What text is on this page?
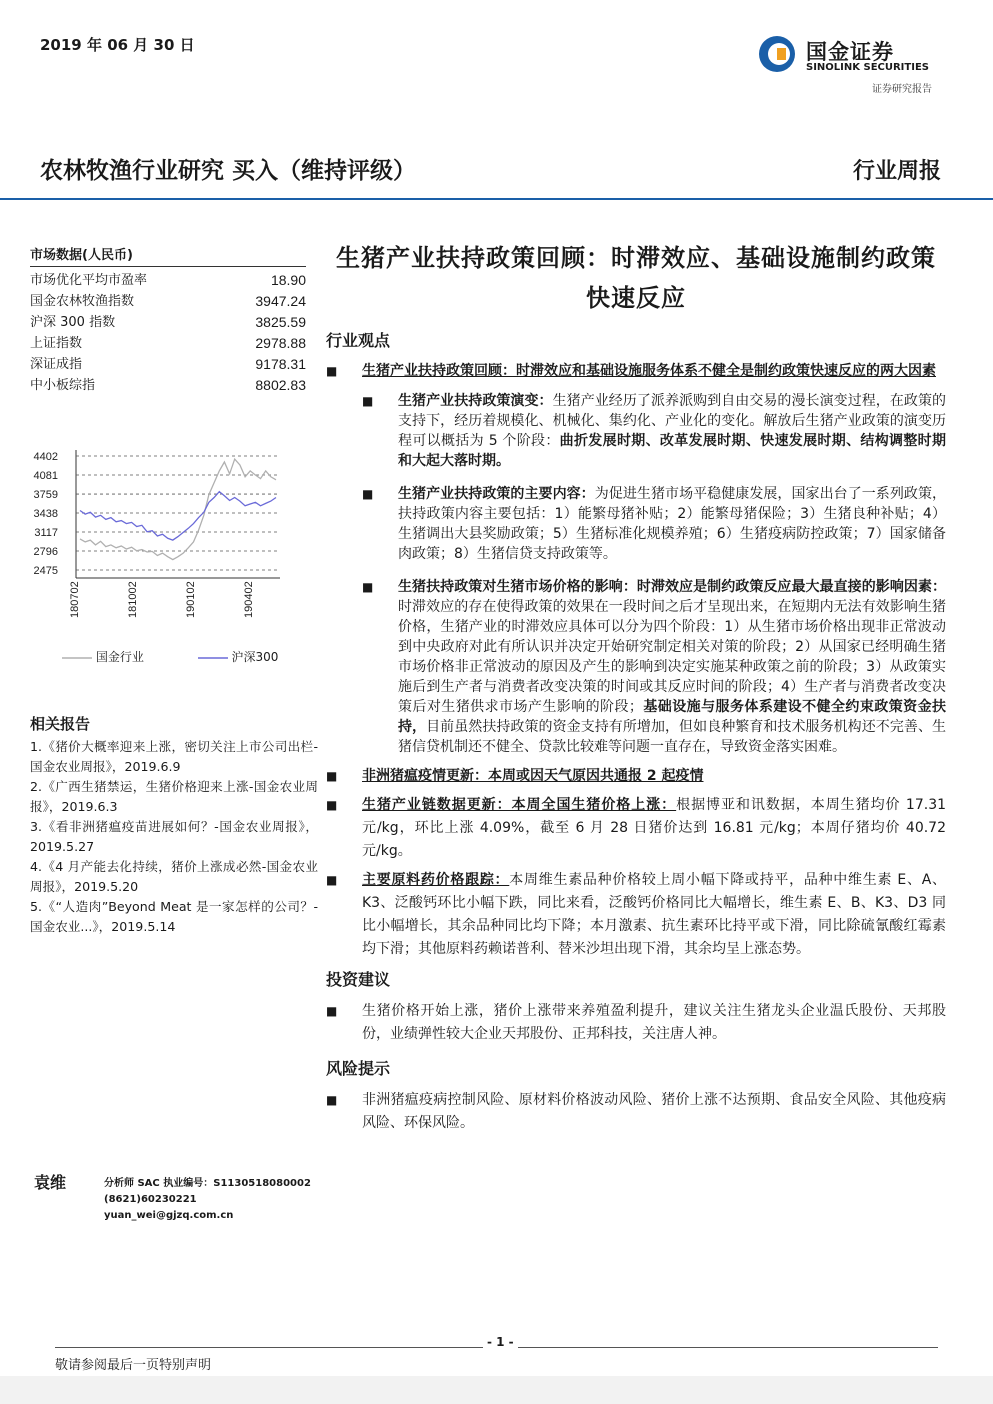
2019 年 06 月 30 日	国金证券
SINOLINK SECURITIES
证券研究报告
农林牧渔行业研究 买入（维持评级）	行业周报
市场数据(人民币)
市场优化平均市盈率	18.90
国金农林牧渔指数	3947.24
沪深 300 指数	3825.59
上证指数	2978.88
深证成指	9178.31
中小板综指	8802.83
4402
4081
3759
3438
3117
2796
2475
180702	181002	190102	190402
国金行业	沪深300
相关报告
1.《猪价大概率迎来上涨，密切关注上市公司出栏-国金农业周报》，2019.6.9
2.《广西生猪禁运，生猪价格迎来上涨-国金农业周报》，2019.6.3
3.《看非洲猪瘟疫苗进展如何？-国金农业周报》，2019.5.27
4.《4 月产能去化持续，猪价上涨成必然-国金农业周报》，2019.5.20
5.《“人造肉”Beyond Meat 是一家怎样的公司？-国金农业...》，2019.5.14
袁维	分析师 SAC 执业编号：S1130518080002
(8621)60230221
yuan_wei@gjzq.com.cn
生猪产业扶持政策回顾：时滞效应、基础设施制约政策快速反应
行业观点
■ 生猪产业扶持政策回顾：时滞效应和基础设施服务体系不健全是制约政策快速反应的两大因素
■ 生猪产业扶持政策演变：生猪产业经历了派养派购到自由交易的漫长演变过程，在政策的支持下，经历着规模化、机械化、集约化、产业化的变化。解放后生猪产业政策的演变历程可以概括为 5 个阶段：曲折发展时期、改革发展时期、快速发展时期、结构调整时期和大起大落时期。
■ 生猪产业扶持政策的主要内容：为促进生猪市场平稳健康发展，国家出台了一系列政策，扶持政策内容主要包括：1）能繁母猪补贴；2）能繁母猪保险；3）生猪良种补贴；4）生猪调出大县奖励政策；5）生猪标准化规模养殖；6）生猪疫病防控政策；7）国家储备肉政策；8）生猪信贷支持政策等。
■ 生猪扶持政策对生猪市场价格的影响：时滞效应是制约政策反应最大最直接的影响因素：时滞效应的存在使得政策的效果在一段时间之后才呈现出来，在短期内无法有效影响生猪价格，生猪产业的时滞效应具体可以分为四个阶段：1）从生猪市场价格出现非正常波动到中央政府对此有所认识并决定开始研究制定相关对策的阶段；2）从国家已经明确生猪市场价格非正常波动的原因及产生的影响到决定实施某种政策之前的阶段；3）从政策实施后到生产者与消费者改变决策的时间或其反应时间的阶段；4）生产者与消费者改变决策后对生猪供求市场产生影响的阶段；基础设施与服务体系建设不健全约束政策资金扶持，目前虽然扶持政策的资金支持有所增加，但如良种繁育和技术服务机构还不完善、生猪信贷机制还不健全、贷款比较难等问题一直存在，导致资金落实困难。
■ 非洲猪瘟疫情更新：本周或因天气原因共通报 2 起疫情
■ 生猪产业链数据更新：本周全国生猪价格上涨：根据博亚和讯数据，本周生猪均价 17.31 元/kg，环比上涨 4.09%，截至 6 月 28 日猪价达到 16.81 元/kg；本周仔猪均价 40.72 元/kg。
■ 主要原料药价格跟踪：本周维生素品种价格较上周小幅下降或持平，品种中维生素 E、A、K3、泛酸钙环比小幅下跌，同比来看，泛酸钙价格同比大幅增长，维生素 E、B、K3、D3 同比小幅增长，其余品种同比均下降；本月激素、抗生素环比持平或下滑，同比除硫氰酸红霉素均下滑；其他原料药赖诺普利、替米沙坦出现下滑，其余均呈上涨态势。
投资建议
■ 生猪价格开始上涨，猪价上涨带来养殖盈利提升，建议关注生猪龙头企业温氏股份、天邦股份，业绩弹性较大企业天邦股份、正邦科技，关注唐人神。
风险提示
■ 非洲猪瘟疫病控制风险、原材料价格波动风险、猪价上涨不达预期、食品安全风险、其他疫病风险、环保风险。
- 1 -
敬请参阅最后一页特别声明
